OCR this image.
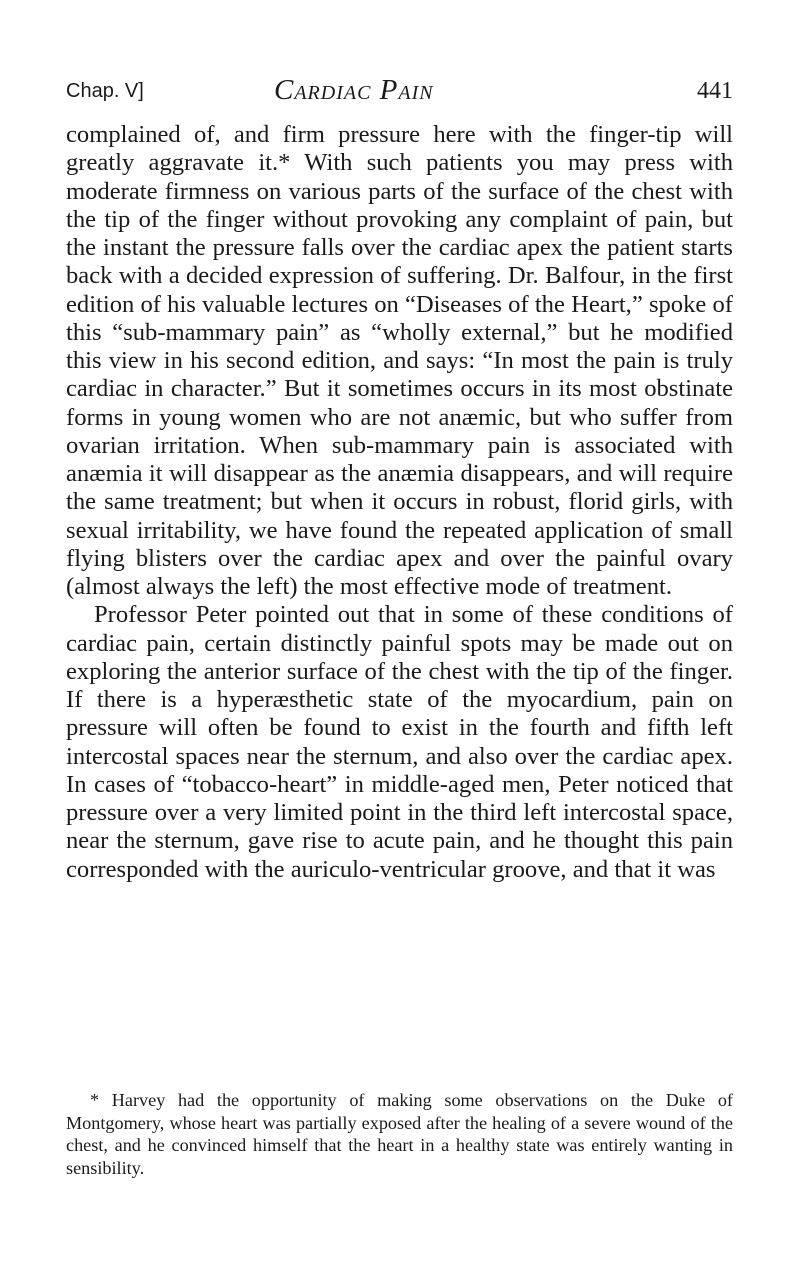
Chap. V]	Cardiac Pain	441

complained of, and firm pressure here with the finger-tip will greatly aggravate it.* With such patients you may press with moderate firmness on various parts of the surface of the chest with the tip of the finger without provoking any complaint of pain, but the instant the pressure falls over the cardiac apex the patient starts back with a decided expression of suffering. Dr. Balfour, in the first edition of his valuable lectures on “Diseases of the Heart,” spoke of this “sub-mammary pain” as “wholly external,” but he modified this view in his second edition, and says: “In most the pain is truly cardiac in character.” But it sometimes occurs in its most obstinate forms in young women who are not anæmic, but who suffer from ovarian irritation. When sub-mammary pain is associated with anæmia it will disappear as the anæmia disappears, and will require the same treatment; but when it occurs in robust, florid girls, with sexual irritability, we have found the repeated application of small flying blisters over the cardiac apex and over the painful ovary (almost always the left) the most effective mode of treatment.

Professor Peter pointed out that in some of these conditions of cardiac pain, certain distinctly painful spots may be made out on exploring the anterior surface of the chest with the tip of the finger. If there is a hyperæsthetic state of the myocardium, pain on pressure will often be found to exist in the fourth and fifth left intercostal spaces near the sternum, and also over the cardiac apex. In cases of “tobacco-heart” in middle-aged men, Peter noticed that pressure over a very limited point in the third left intercostal space, near the sternum, gave rise to acute pain, and he thought this pain corresponded with the auriculo-ventricular groove, and that it was

* Harvey had the opportunity of making some observations on the Duke of Montgomery, whose heart was partially exposed after the healing of a severe wound of the chest, and he convinced himself that the heart in a healthy state was entirely wanting in sensibility.
